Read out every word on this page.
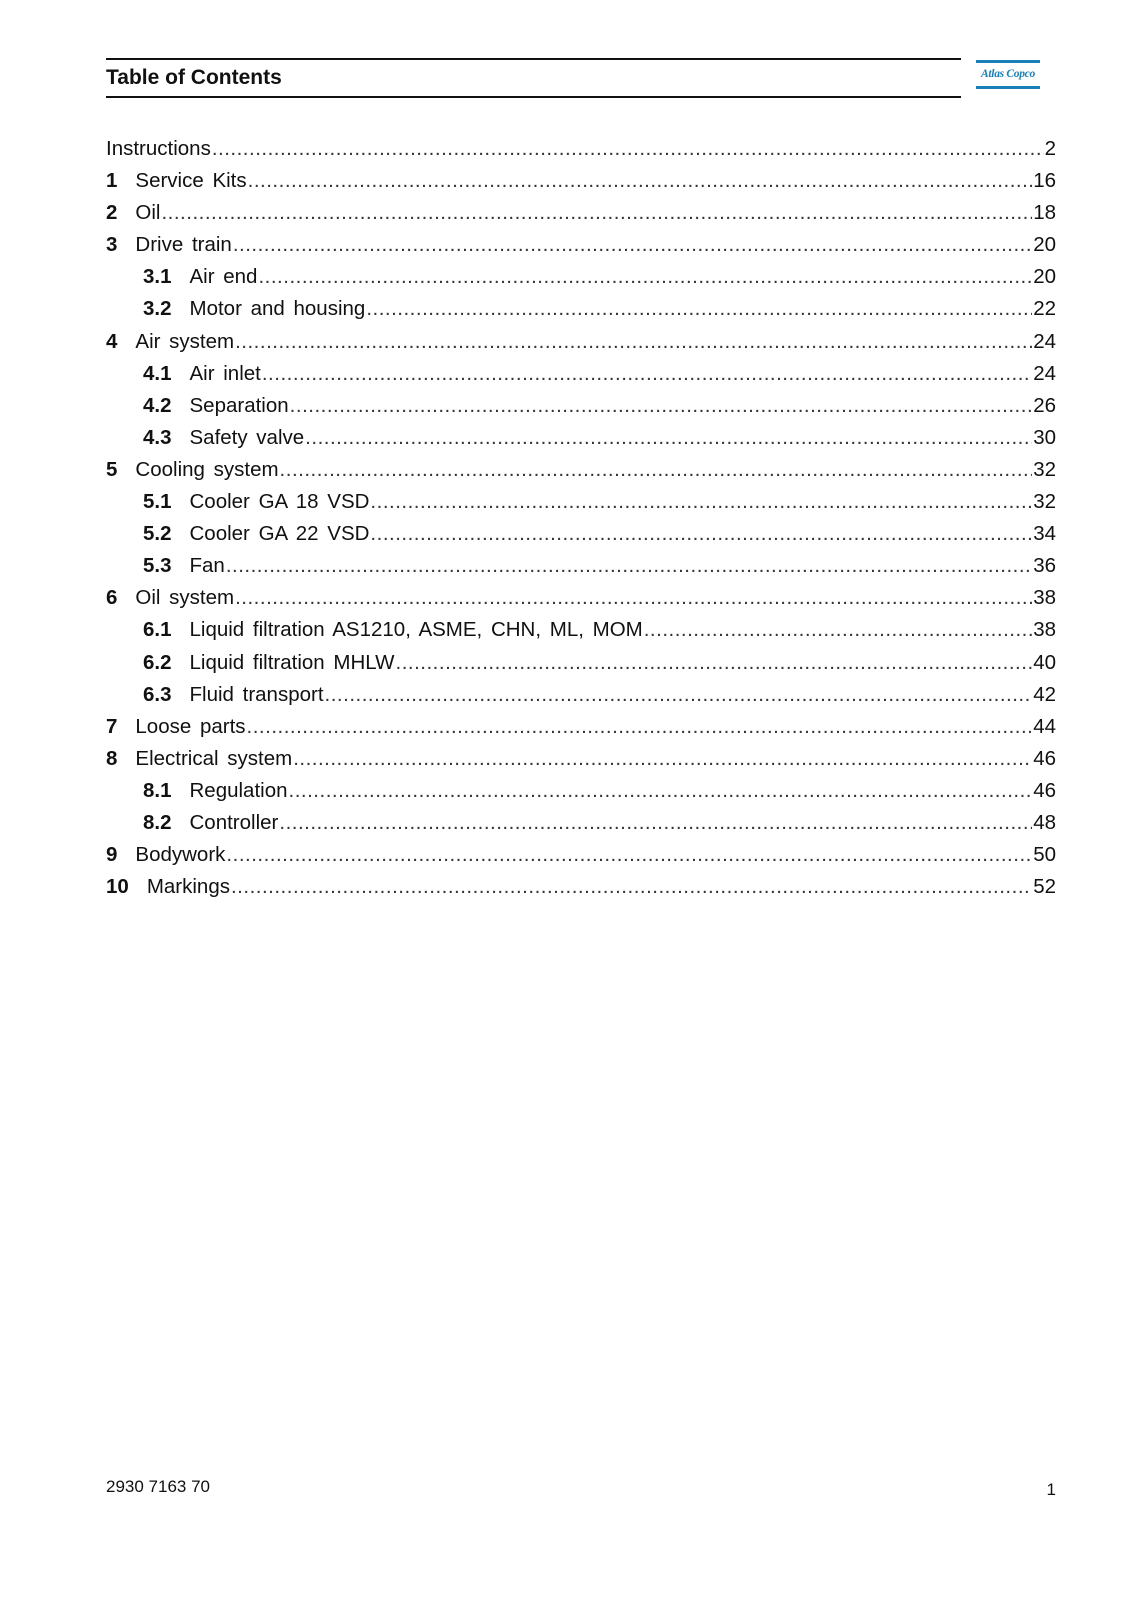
Table of Contents	Atlas Copco
Instructions .....	2
1 Service Kits .....	16
2 Oil .....	18
3 Drive train .....	20
3.1 Air end .....	20
3.2 Motor and housing .....	22
4 Air system .....	24
4.1 Air inlet .....	24
4.2 Separation .....	26
4.3 Safety valve .....	30
5 Cooling system .....	32
5.1 Cooler GA 18 VSD .....	32
5.2 Cooler GA 22 VSD .....	34
5.3 Fan .....	36
6 Oil system .....	38
6.1 Liquid filtration AS1210, ASME, CHN, ML, MOM .....	38
6.2 Liquid filtration MHLW .....	40
6.3 Fluid transport .....	42
7 Loose parts .....	44
8 Electrical system .....	46
8.1 Regulation .....	46
8.2 Controller .....	48
9 Bodywork .....	50
10 Markings .....	52
2930 7163 70	1
